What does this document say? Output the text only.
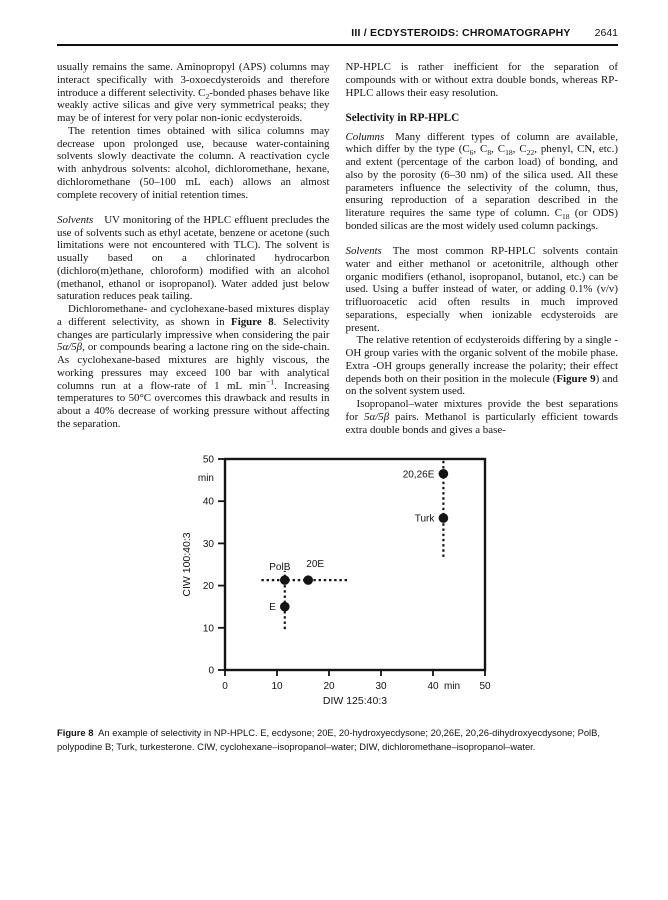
III / ECDYSTEROIDS: CHROMATOGRAPHY 2641

usually remains the same. Aminopropyl (APS) columns may interact specifically with 3-oxoecdysteroids and therefore introduce a different selectivity. $C_2$-bonded phases behave like weakly active silicas and give very symmetrical peaks; they may be of interest for very polar non-ionic ecdysteroids.

The retention times obtained with silica columns may decrease upon prolonged use, because water-containing solvents slowly deactivate the column. A reactivation cycle with anhydrous solvents: alcohol, dichloromethane, hexane, dichloromethane (50–100 mL each) allows an almost complete recovery of initial retention times.

Solvents UV monitoring of the HPLC effluent precludes the use of solvents such as ethyl acetate, benzene or acetone (such limitations were not encountered with TLC). The solvent is usually based on a chlorinated hydrocarbon (dichloro(m)ethane, chloroform) modified with an alcohol (methanol, ethanol or isopropanol). Water added just below saturation reduces peak tailing.

Dichloromethane- and cyclohexane-based mixtures display a different selectivity, as shown in Figure 8. Selectivity changes are particularly impressive when considering the pair 5α/5β, or compounds bearing a lactone ring on the side-chain. As cyclohexane-based mixtures are highly viscous, the working pressures may exceed 100 bar with analytical columns run at a flow-rate of 1 mL $\min^{-1}$. Increasing temperatures to 50°C overcomes this drawback and results in about a 40% decrease of working pressure without affecting the separation.

NP-HPLC is rather inefficient for the separation of compounds with or without extra double bonds, whereas RP-HPLC allows their easy resolution.

Selectivity in RP-HPLC

Columns Many different types of column are available, which differ by the type ($C_6$, $C_8$, $C_{18}$, $C_{22}$, phenyl, CN, etc.) and extent (percentage of the carbon load) of bonding, and also by the porosity (6–30 nm) of the silica used. All these parameters influence the selectivity of the column, thus, ensuring reproduction of a separation described in the literature requires the same type of column. $C_{18}$ (or ODS) bonded silicas are the most widely used column packings.

Solvents The most common RP-HPLC solvents contain water and either methanol or acetonitrile, although other organic modifiers (ethanol, isopropanol, butanol, etc.) can be used. Using a buffer instead of water, or adding 0.1% (v/v) trifluoroacetic acid often results in much improved separations, especially when ionizable ecdysteroids are present.

The relative retention of ecdysteroids differing by a single -OH group varies with the organic solvent of the mobile phase. Extra -OH groups generally increase the polarity; their effect depends both on their position in the molecule (Figure 9) and on the solvent system used.

Isopropanol–water mixtures provide the best separations for 5α/5β pairs. Methanol is particularly efficient towards extra double bonds and gives a base-

0	10	20	30	40 min 50
0
10
20
30
40
50
min
E
PolB 20E
Turk
20,26E
DIW 125:40:3
CIW 100:40:3
Figure 8 An example of selectivity in NP-HPLC. E, ecdysone; 20E, 20-hydroxyecdysone; 20,26E, 20,26-dihydroxyecdysone; PolB, polypodine B; Turk, turkesterone. CIW, cyclohexane–isopropanol–water; DIW, dichloromethane–isopropanol–water.
